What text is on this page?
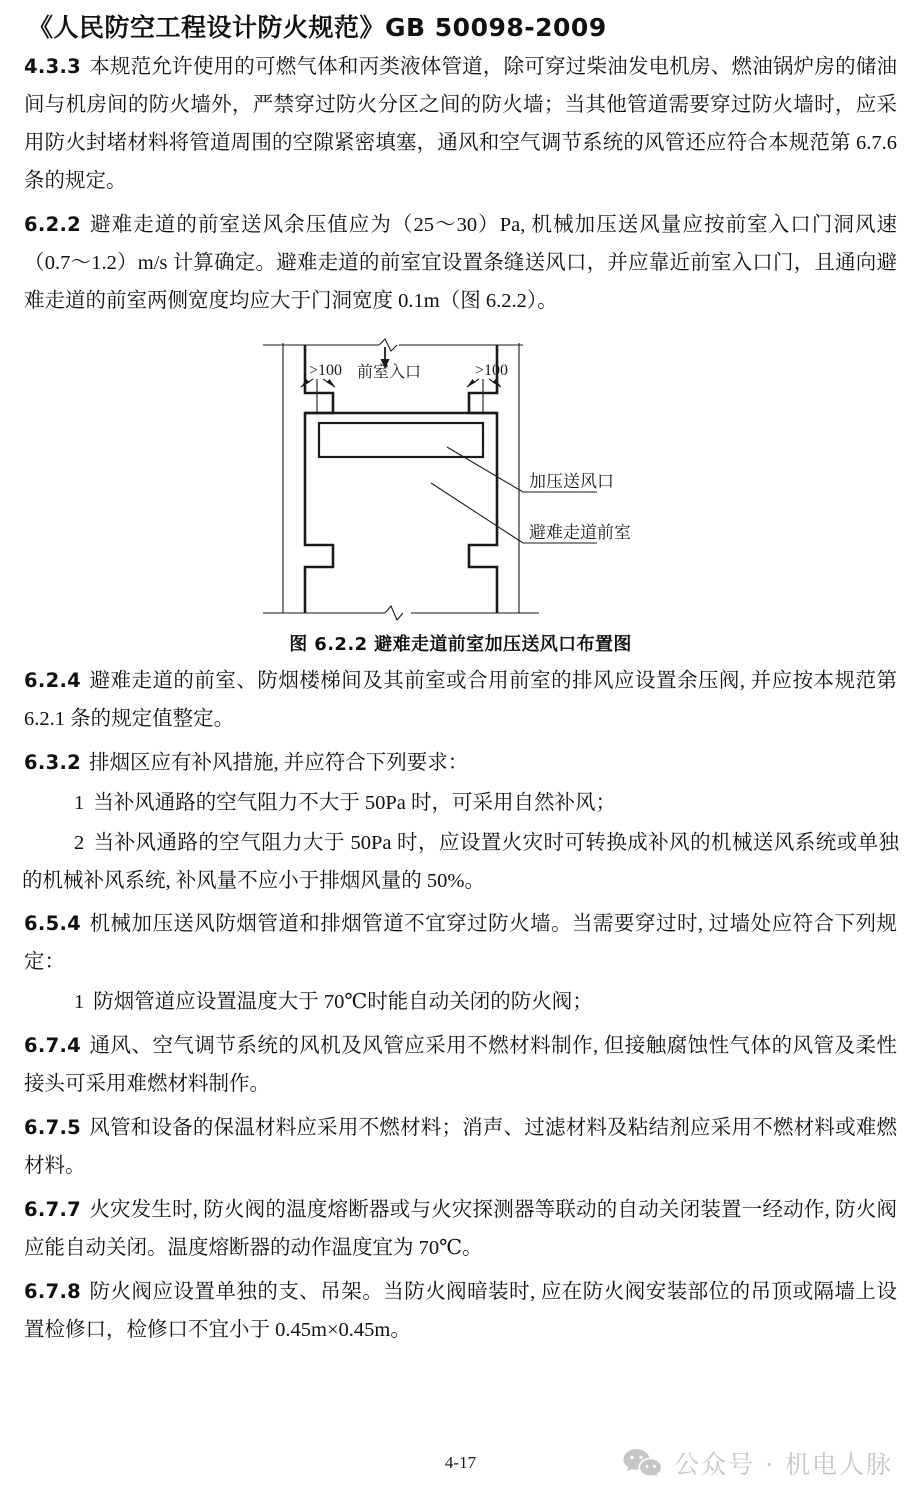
《人民防空工程设计防火规范》GB 50098-2009

4.3.3 本规范允许使用的可燃气体和丙类液体管道，除可穿过柴油发电机房、燃油锅炉房的储油间与机房间的防火墙外，严禁穿过防火分区之间的防火墙；当其他管道需要穿过防火墙时，应采用防火封堵材料将管道周围的空隙紧密填塞，通风和空气调节系统的风管还应符合本规范第 6.7.6 条的规定。

6.2.2 避难走道的前室送风余压值应为（25～30）Pa, 机械加压送风量应按前室入口门洞风速（0.7～1.2）m/s 计算确定。避难走道的前室宜设置条缝送风口，并应靠近前室入口门，且通向避难走道的前室两侧宽度均应大于门洞宽度 0.1m（图 6.2.2）。

>100	>100
前室入口
加压送风口
避难走道前室
图 6.2.2 避难走道前室加压送风口布置图

6.2.4 避难走道的前室、防烟楼梯间及其前室或合用前室的排风应设置余压阀, 并应按本规范第 6.2.1 条的规定值整定。

6.3.2 排烟区应有补风措施, 并应符合下列要求：

1 当补风通路的空气阻力不大于 50Pa 时，可采用自然补风；

2 当补风通路的空气阻力大于 50Pa 时，应设置火灾时可转换成补风的机械送风系统或单独的机械补风系统, 补风量不应小于排烟风量的 50%。

6.5.4 机械加压送风防烟管道和排烟管道不宜穿过防火墙。当需要穿过时, 过墙处应符合下列规定：

1 防烟管道应设置温度大于 70℃时能自动关闭的防火阀；

6.7.4 通风、空气调节系统的风机及风管应采用不燃材料制作, 但接触腐蚀性气体的风管及柔性接头可采用难燃材料制作。

6.7.5 风管和设备的保温材料应采用不燃材料；消声、过滤材料及粘结剂应采用不燃材料或难燃材料。

6.7.7 火灾发生时, 防火阀的温度熔断器或与火灾探测器等联动的自动关闭装置一经动作, 防火阀应能自动关闭。温度熔断器的动作温度宜为 70℃。

6.7.8 防火阀应设置单独的支、吊架。当防火阀暗装时, 应在防火阀安装部位的吊顶或隔墙上设置检修口，检修口不宜小于 0.45m×0.45m。

4-17	公众号 · 机电人脉
